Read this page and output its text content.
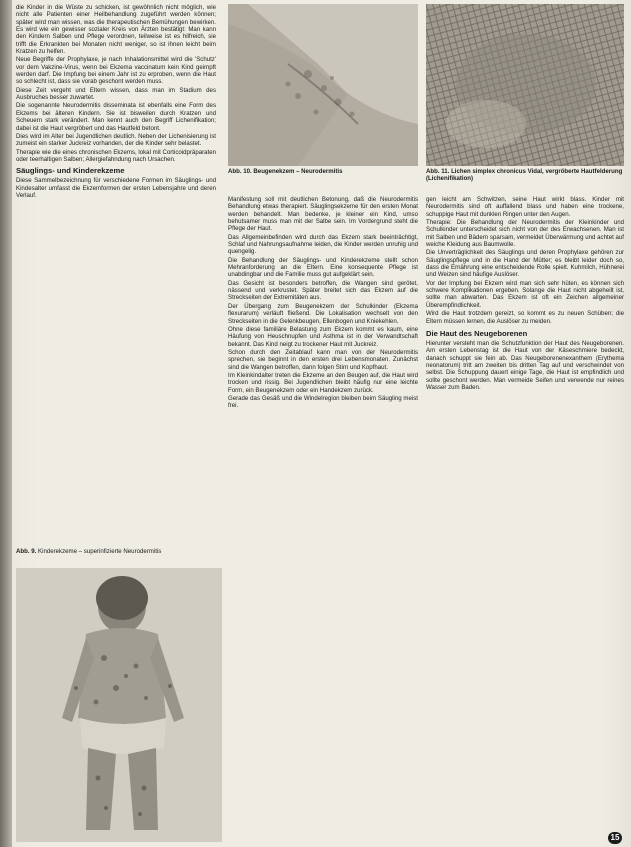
die Kinder in die Wüste zu schicken, ist gewöhnlich nicht möglich, wie nicht alle Patienten einer Heilbehandlung zugeführt werden können; später wird man wissen, was die therapeutischen Bemühungen bewirken. Es wird wie ein gewisser sozialer Kreis von Ärzten bestätigt: Man kann den Kindern Salben und Pflege verordnen, teilweise ist es hilfreich, sie trifft die Erkrankten bei Monaten nicht weniger, so ist ihnen leicht beim Kratzen zu helfen.

Neue Begriffe der Prophylaxe, je nach Inhalationsmittel wird die 'Schutz' vor dem Vakzine-Virus, wenn bei Ekzema vaccinatum kein Kind geimpft werden darf. Die Impfung bei einem Jahr ist zu erproben, wenn die Haut so schlecht ist, dass sie vorab geschont werden muss.

Diese Zeit vergeht und Eltern wissen, dass man im Stadium des Ausbruches besser zuwartet.

Die sogenannte Neurodermitis disseminata ist ebenfalls eine Form des Ekzems bei älteren Kindern. Sie ist bisweilen durch Kratzen und Scheuern stark verändert. Man kennt auch den Begriff Lichenifikation; dabei ist die Haut vergröbert und das Hautfeld betont.

Dies wird im Alter bei Jugendlichen deutlich. Neben der Lichenisierung ist zumeist ein starker Juckreiz vorhanden, der die Kinder sehr belastet.

Therapie wie die eines chronischen Ekzems, lokal mit Corticoidpräparaten oder teerhaltigen Salben; Allergiefahndung nach Ursachen.

Säuglings- und Kinderekzeme

Diese Sammelbezeichnung für verschiedene Formen im Säuglings- und Kindesalter umfasst die Ekzemformen der ersten Lebensjahre und deren Verlauf.

Abb. 9. Kinderekzeme – superinfizierte Neurodermitis
Abb. 10. Beugenekzem – Neurodermitis	Abb. 11. Lichen simplex chronicus Vidal, vergröberte Hautfelderung (Lichenifikation)

Manifestung soll mit deutlichen Betonung, daß die Neurodermitis Behandlung etwas therapiert. Säuglingsekzeme für den ersten Monat werden behandelt. Man bedenke, je kleiner ein Kind, umso behutsamer muss man mit der Salbe sein. Im Vordergrund steht die Pflege der Haut.

Das Allgemeinbefinden wird durch das Ekzem stark beeinträchtigt, Schlaf und Nahrungsaufnahme leiden, die Kinder werden unruhig und quengelig.

Die Behandlung der Säuglings- und Kinderekzeme stellt schon Mehranforderung an die Eltern. Eine konsequente Pflege ist unabdingbar und die Familie muss gut aufgeklärt sein.

Das Gesicht ist besonders betroffen, die Wangen sind gerötet, nässend und verkrustet. Später breitet sich das Ekzem auf die Streckseiten der Extremitäten aus.

Der Übergang zum Beugenekzem der Schulkinder (Ekzema flexurarum) verläuft fließend. Die Lokalisation wechselt von den Streckseiten in die Gelenkbeugen, Ellenbogen und Kniekehlen.

Ohne diese familiäre Belastung zum Ekzem kommt es kaum, eine Häufung von Heuschnupfen und Asthma ist in der Verwandtschaft bekannt. Das Kind neigt zu trockener Haut mit Juckreiz.

Schon durch den Zeitablauf kann man von der Neurodermitis sprechen, sie beginnt in den ersten drei Lebensmonaten. Zunächst sind die Wangen betroffen, dann folgen Stirn und Kopfhaut.

Im Kleinkindalter treten die Ekzeme an den Beugen auf, die Haut wird trocken und rissig. Bei Jugendlichen bleibt häufig nur eine leichte Form, ein Beugenekzem oder ein Handekzem zurück.

Gerade das Gesäß und die Windelregion bleiben beim Säugling meist frei.

gen leicht am Schwitzen, seine Haut wirkt blass. Kinder mit Neurodermitis sind oft auffallend blass und haben eine trockene, schuppige Haut mit dunklen Ringen unter den Augen.

Therapie: Die Behandlung der Neurodermitis der Kleinkinder und Schulkinder unterscheidet sich nicht von der des Erwachsenen. Man ist mit Salben und Bädern sparsam, vermeidet Überwärmung und achtet auf weiche Kleidung aus Baumwolle.

Die Unverträglichkeit des Säuglings und deren Prophylaxe gehören zur Säuglingspflege und in die Hand der Mütter; es bleibt leider doch so, dass die Ernährung eine entscheidende Rolle spielt. Kuhmilch, Hühnerei und Weizen sind häufige Auslöser.

Vor der Impfung bei Ekzem wird man sich sehr hüten, es können sich schwere Komplikationen ergeben. Solange die Haut nicht abgeheilt ist, sollte man abwarten. Das Ekzem ist oft ein Zeichen allgemeiner Überempfindlichkeit.

Wird die Haut trotzdem gereizt, so kommt es zu neuen Schüben; die Eltern müssen lernen, die Auslöser zu meiden.

Die Haut des Neugeborenen

Hierunter versteht man die Schutzfunktion der Haut des Neugeborenen. Am ersten Lebenstag ist die Haut von der Käseschmiere bedeckt, danach schuppt sie fein ab. Das Neugeborenenexanthem (Erythema neonatorum) tritt am zweiten bis dritten Tag auf und verschwindet von selbst. Die Schuppung dauert einige Tage, die Haut ist empfindlich und sollte geschont werden. Man vermeide Seifen und verwende nur reines Wasser zum Baden.

15
